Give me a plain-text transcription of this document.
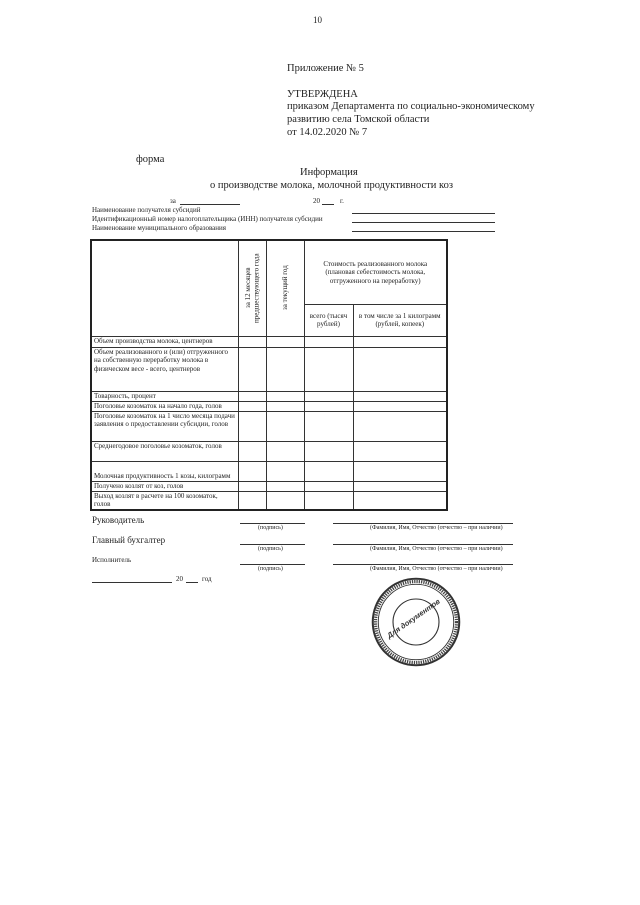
10
Приложение № 5
УТВЕРЖДЕНА
приказом Департамента по социально-экономическому
развитию села Томской области
от 14.02.2020 № 7
форма
Информация
о производстве молока, молочной продуктивности коз
за	20	г.
Наименование получателя субсидий
Идентификационный номер налогоплательщика (ИНН) получателя субсидии
Наименование муниципального образования

	за 12 месяцев предшествующего года	за текущий год	Стоимость реализованного молока (плановая себестоимость молока, отгруженного на переработку)	
			всего (тысяч рублей)	в том числе за 1 килограмм (рублей, копеек)
Объем производства молока, центнеров				
Объем реализованного и (или) отгруженного на собственную переработку молока в физическом весе - всего, центнеров				
Товарность, процент				
Поголовье козоматок на начало года, голов				
Поголовье козоматок на 1 число месяца подачи заявления о предоставлении субсидии, голов				
Среднегодовое поголовье козоматок, голов				
Молочная продуктивность 1 козы, килограмм				
Получено козлят от коз, голов				
Выход козлят в расчете на 100 козоматок, голов				
Руководитель
(подпись)	(Фамилия, Имя, Отчество (отчество – при наличии)
Главный бухгалтер
(подпись)	(Фамилия, Имя, Отчество (отчество – при наличии)
Исполнитель
(подпись)	(Фамилия, Имя, Отчество (отчество – при наличии)
20	год
Для документов
